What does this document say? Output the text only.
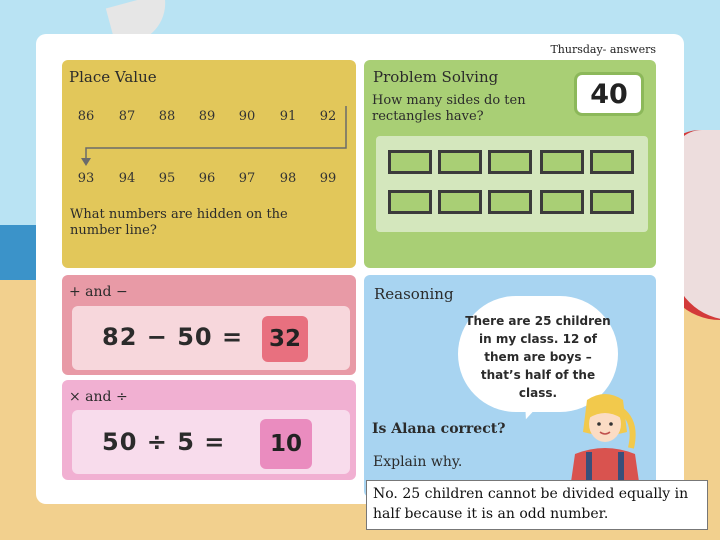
Thursday- answers
Place Value
86	87	88	89	90	91	92
93	94	95	96	97	98	99
What numbers are hidden on the number line?
Problem Solving
How many sides do ten rectangles have?
40
+ and −
82 − 50 =	32
× and ÷
50 ÷ 5 =	10
Reasoning
There are 25 children in my class. 12 of them are boys – that’s half of the class.
Is Alana correct?
Explain why.
No. 25 children cannot be divided equally in half because it is an odd number.
